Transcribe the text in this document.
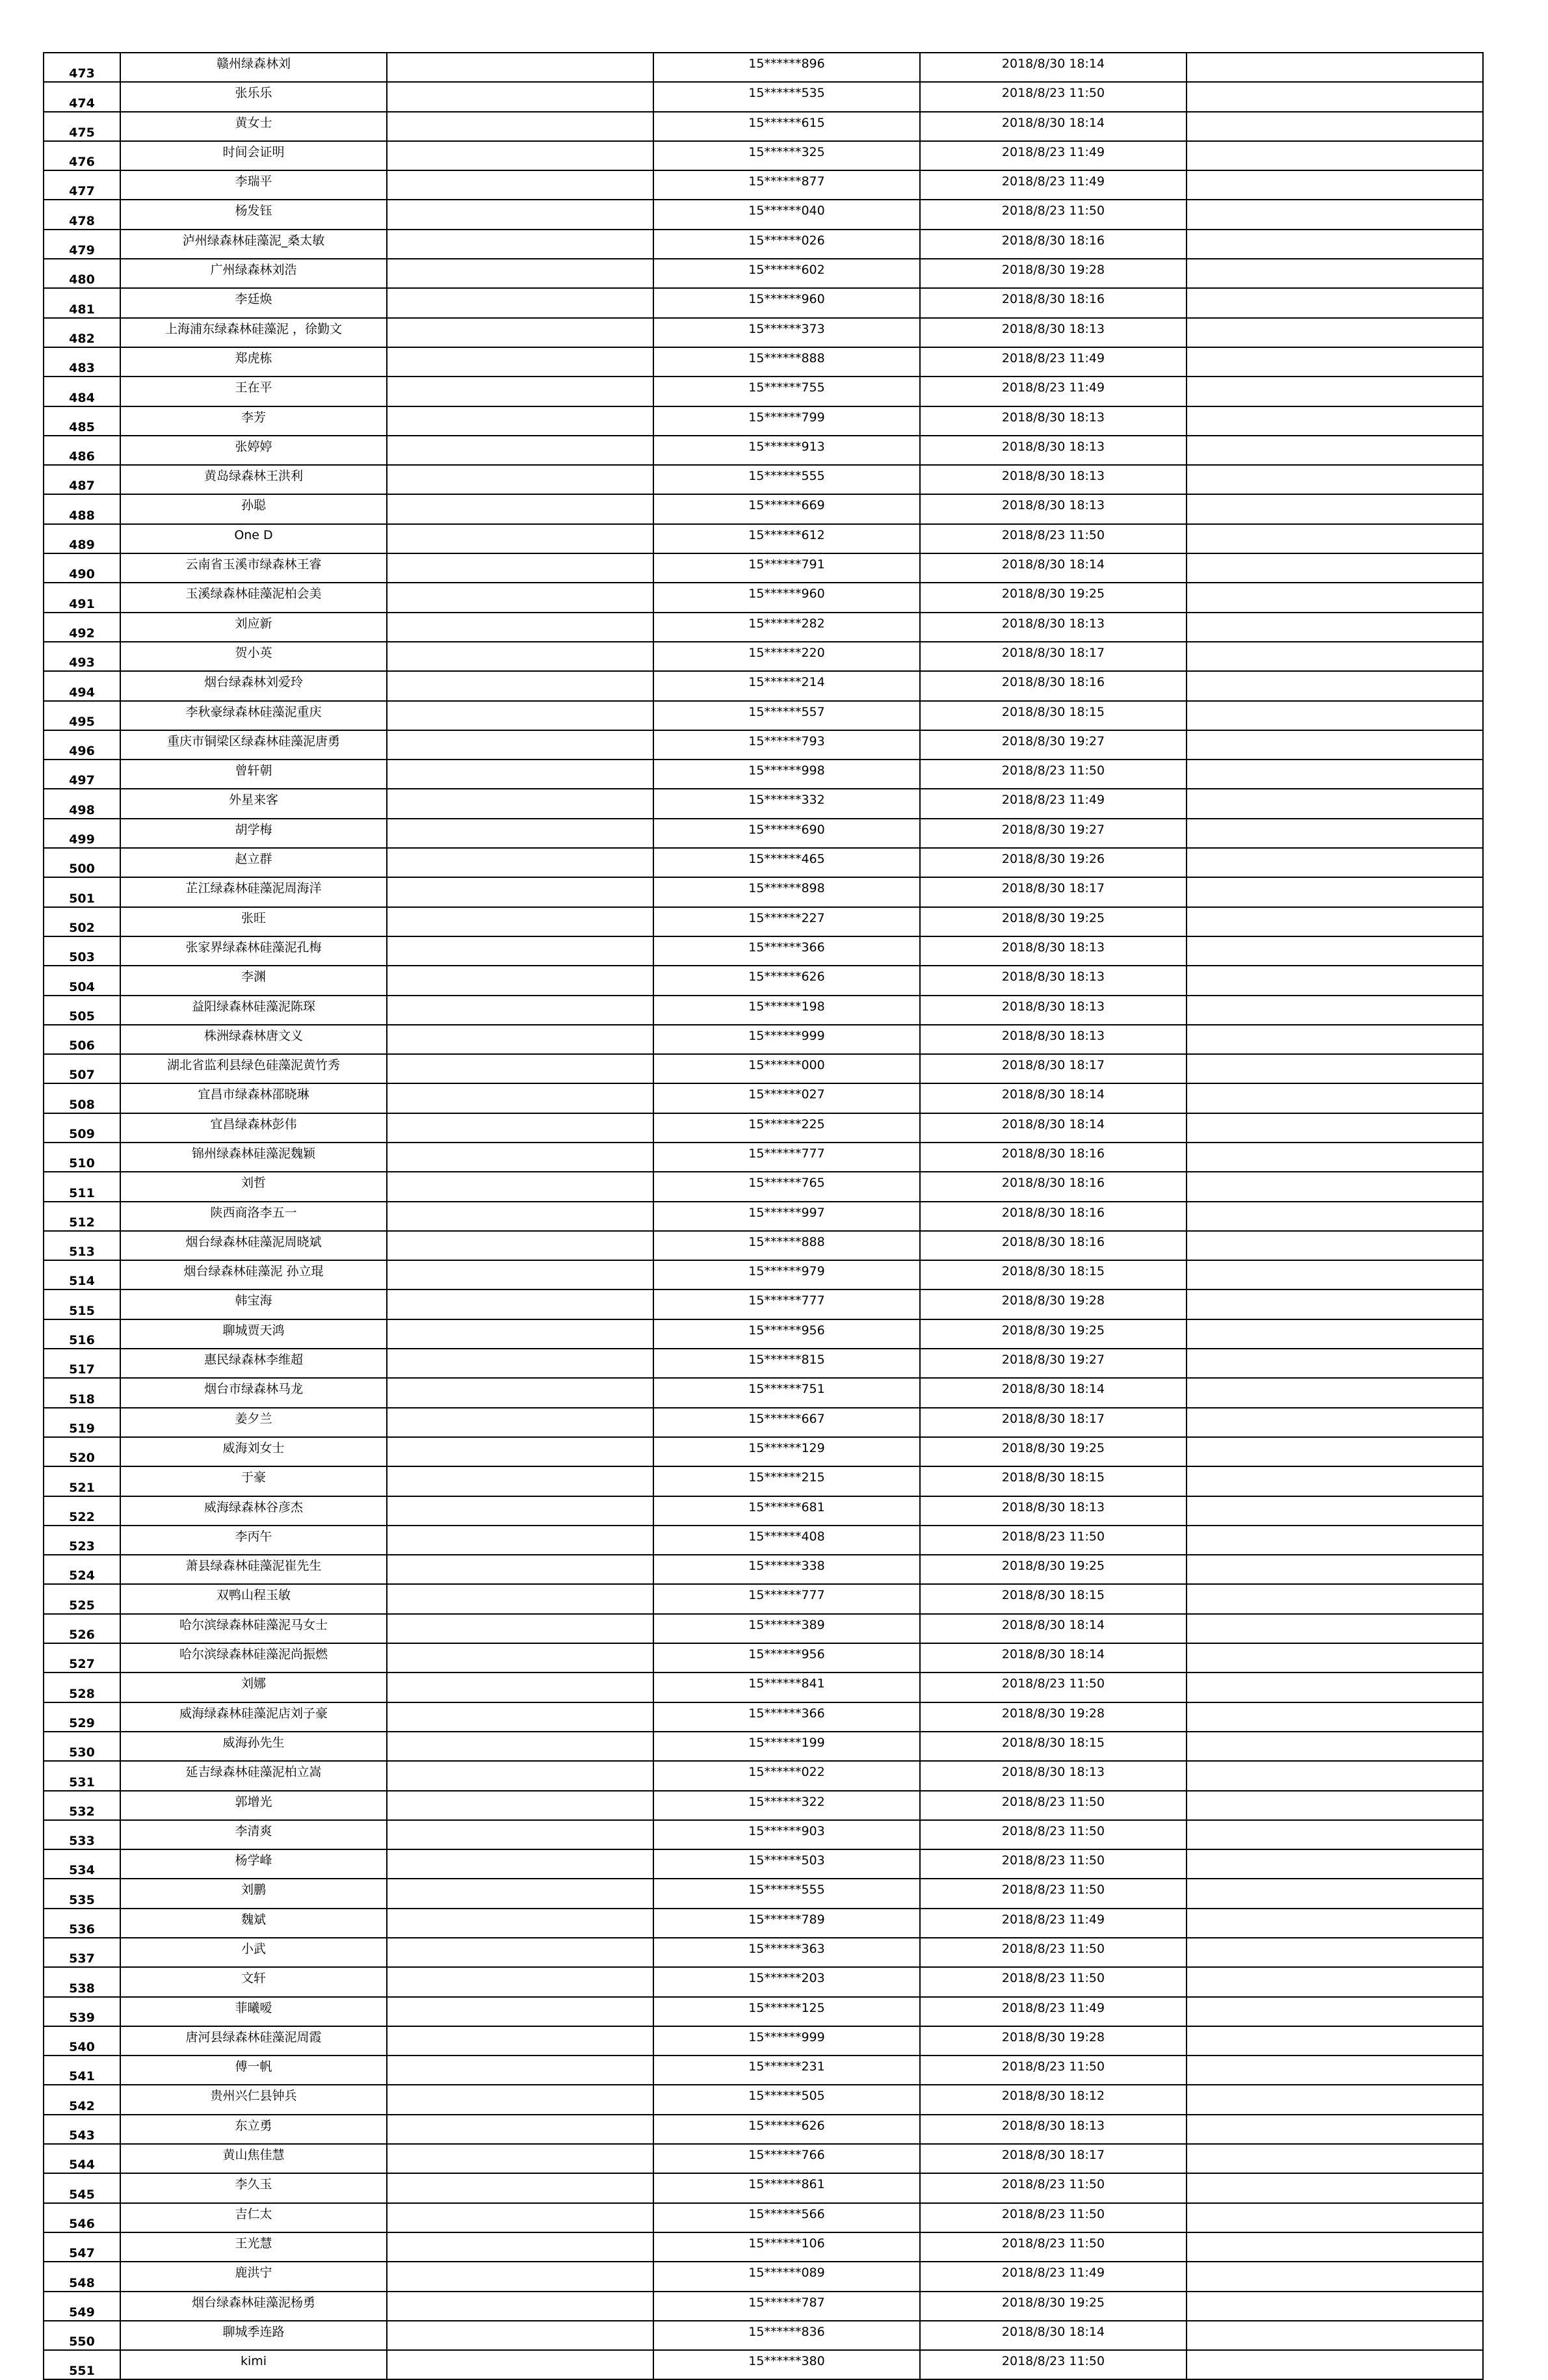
473	赣州绿森林刘		15******896	2018/8/30 18:14	
474	张乐乐		15******535	2018/8/23 11:50	
475	黄女士		15******615	2018/8/30 18:14	
476	时间会证明		15******325	2018/8/23 11:49	
477	李瑞平		15******877	2018/8/23 11:49	
478	杨发钰		15******040	2018/8/23 11:50	
479	泸州绿森林硅藻泥_桑太敏		15******026	2018/8/30 18:16	
480	广州绿森林刘浩		15******602	2018/8/30 19:28	
481	李廷焕		15******960	2018/8/30 18:16	
482	上海浦东绿森林硅藻泥 ，徐勤文		15******373	2018/8/30 18:13	
483	郑虎栋		15******888	2018/8/23 11:49	
484	王在平		15******755	2018/8/23 11:49	
485	李芳		15******799	2018/8/30 18:13	
486	张婷婷		15******913	2018/8/30 18:13	
487	黄岛绿森林王洪利		15******555	2018/8/30 18:13	
488	孙聪		15******669	2018/8/30 18:13	
489	One D		15******612	2018/8/23 11:50	
490	云南省玉溪市绿森林王睿		15******791	2018/8/30 18:14	
491	玉溪绿森林硅藻泥柏会美		15******960	2018/8/30 19:25	
492	刘应新		15******282	2018/8/30 18:13	
493	贺小英		15******220	2018/8/30 18:17	
494	烟台绿森林刘爱玲		15******214	2018/8/30 18:16	
495	李秋豪绿森林硅藻泥重庆		15******557	2018/8/30 18:15	
496	重庆市铜梁区绿森林硅藻泥唐勇		15******793	2018/8/30 19:27	
497	曾轩朝		15******998	2018/8/23 11:50	
498	外星来客		15******332	2018/8/23 11:49	
499	胡学梅		15******690	2018/8/30 19:27	
500	赵立群		15******465	2018/8/30 19:26	
501	芷江绿森林硅藻泥周海洋		15******898	2018/8/30 18:17	
502	张旺		15******227	2018/8/30 19:25	
503	张家界绿森林硅藻泥孔梅		15******366	2018/8/30 18:13	
504	李渊		15******626	2018/8/30 18:13	
505	益阳绿森林硅藻泥陈琛		15******198	2018/8/30 18:13	
506	株洲绿森林唐文义		15******999	2018/8/30 18:13	
507	湖北省监利县绿色硅藻泥黄竹秀		15******000	2018/8/30 18:17	
508	宜昌市绿森林邵晓琳		15******027	2018/8/30 18:14	
509	宜昌绿森林彭伟		15******225	2018/8/30 18:14	
510	锦州绿森林硅藻泥魏颖		15******777	2018/8/30 18:16	
511	刘哲		15******765	2018/8/30 18:16	
512	陕西商洛李五一		15******997	2018/8/30 18:16	
513	烟台绿森林硅藻泥周晓斌		15******888	2018/8/30 18:16	
514	烟台绿森林硅藻泥 孙立琨		15******979	2018/8/30 18:15	
515	韩宝海		15******777	2018/8/30 19:28	
516	聊城贾天鸿		15******956	2018/8/30 19:25	
517	惠民绿森林李维超		15******815	2018/8/30 19:27	
518	烟台市绿森林马龙		15******751	2018/8/30 18:14	
519	姜夕兰		15******667	2018/8/30 18:17	
520	威海刘女士		15******129	2018/8/30 19:25	
521	于豪		15******215	2018/8/30 18:15	
522	威海绿森林谷彦杰		15******681	2018/8/30 18:13	
523	李丙午		15******408	2018/8/23 11:50	
524	萧县绿森林硅藻泥崔先生		15******338	2018/8/30 19:25	
525	双鸭山程玉敏		15******777	2018/8/30 18:15	
526	哈尔滨绿森林硅藻泥马女士		15******389	2018/8/30 18:14	
527	哈尔滨绿森林硅藻泥尚振燃		15******956	2018/8/30 18:14	
528	刘娜		15******841	2018/8/23 11:50	
529	威海绿森林硅藻泥店刘子豪		15******366	2018/8/30 19:28	
530	威海孙先生		15******199	2018/8/30 18:15	
531	延吉绿森林硅藻泥柏立嵩		15******022	2018/8/30 18:13	
532	郭增光		15******322	2018/8/23 11:50	
533	李清爽		15******903	2018/8/23 11:50	
534	杨学峰		15******503	2018/8/23 11:50	
535	刘鹏		15******555	2018/8/23 11:50	
536	魏斌		15******789	2018/8/23 11:49	
537	小武		15******363	2018/8/23 11:50	
538	文轩		15******203	2018/8/23 11:50	
539	菲曦嗳		15******125	2018/8/23 11:49	
540	唐河县绿森林硅藻泥周霞		15******999	2018/8/30 19:28	
541	傅一帆		15******231	2018/8/23 11:50	
542	贵州兴仁县钟兵		15******505	2018/8/30 18:12	
543	东立勇		15******626	2018/8/30 18:13	
544	黄山焦佳慧		15******766	2018/8/30 18:17	
545	李久玉		15******861	2018/8/23 11:50	
546	吉仁太		15******566	2018/8/23 11:50	
547	王光慧		15******106	2018/8/23 11:50	
548	鹿洪宁		15******089	2018/8/23 11:49	
549	烟台绿森林硅藻泥杨勇		15******787	2018/8/30 19:25	
550	聊城季连路		15******836	2018/8/30 18:14	
551	kimi		15******380	2018/8/23 11:50	
